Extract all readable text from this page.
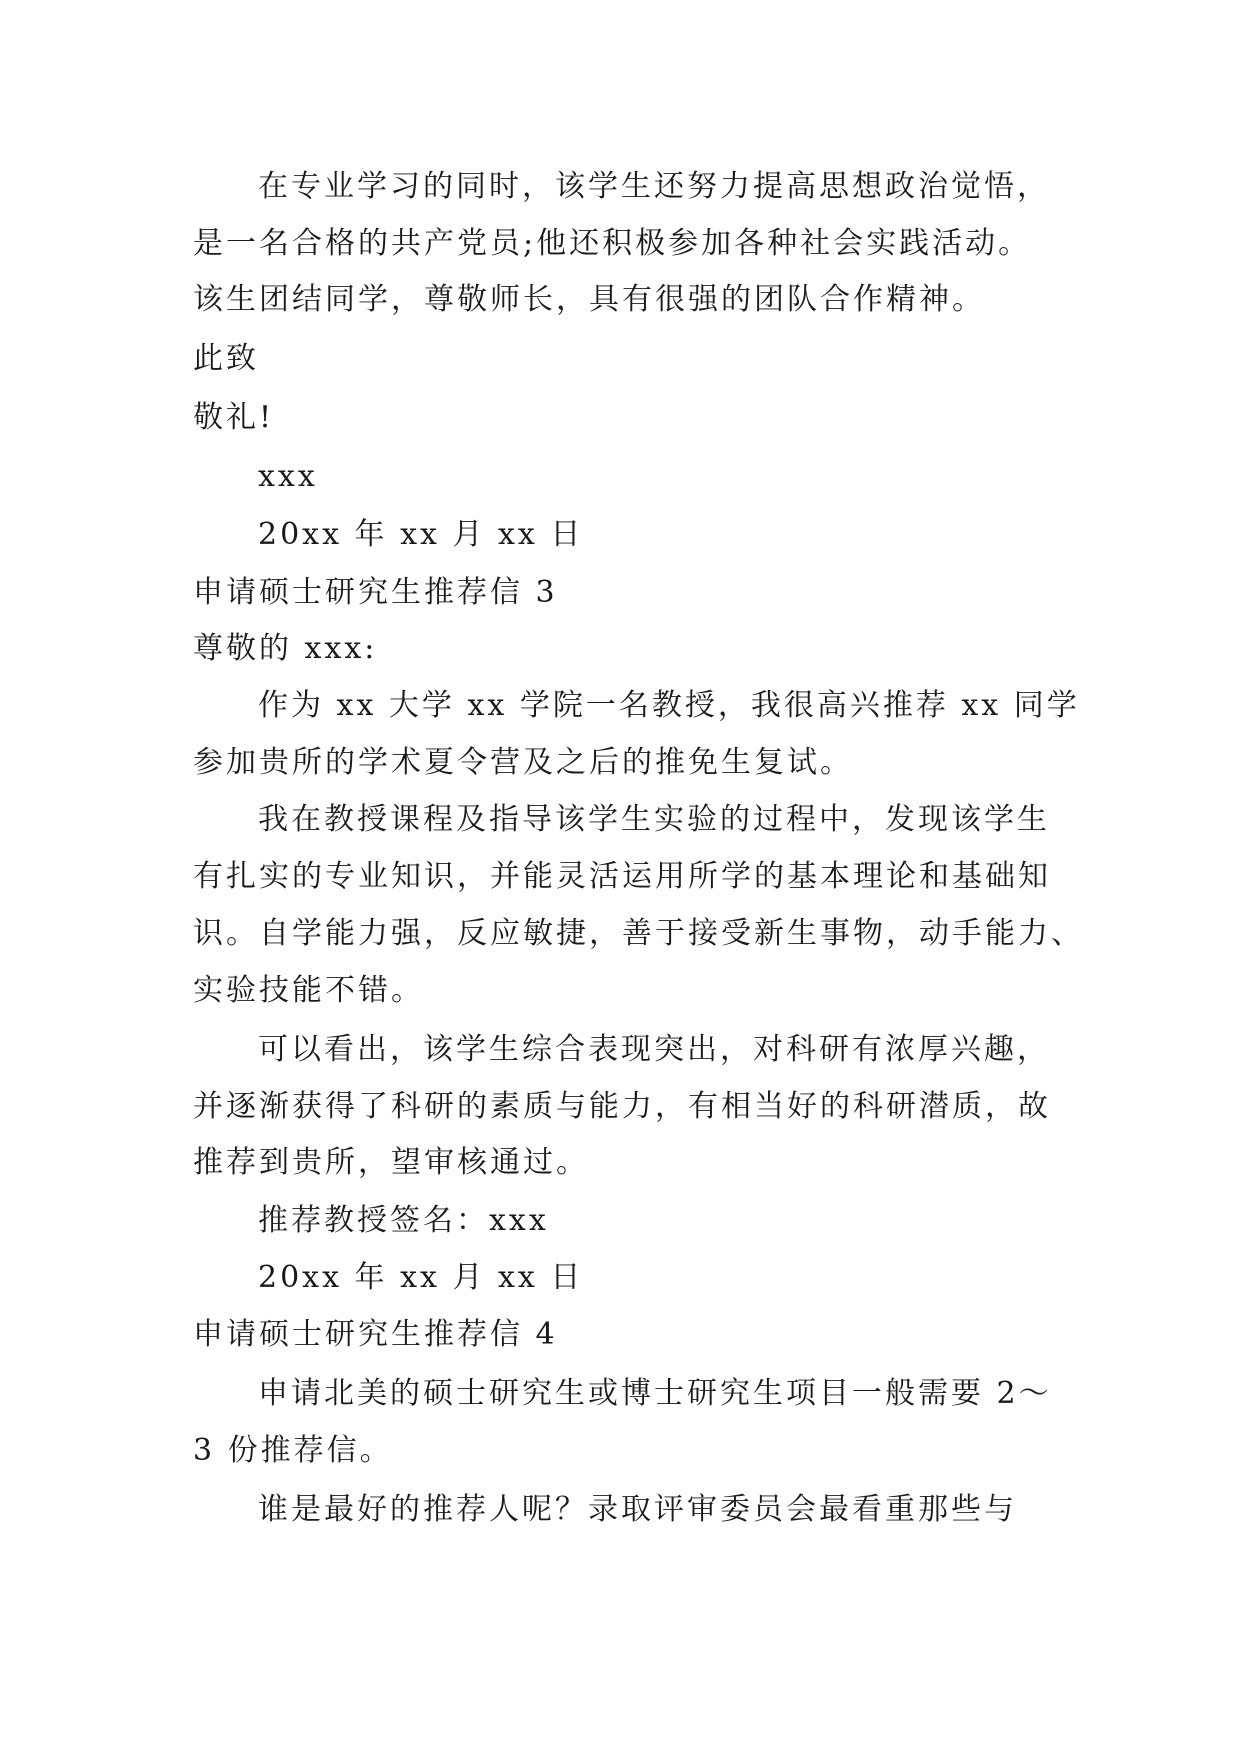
在专业学习的同时，该学生还努力提高思想政治觉悟，
是一名合格的共产党员;他还积极参加各种社会实践活动。
该生团结同学，尊敬师长，具有很强的团队合作精神。
此致
敬礼!
xxx
20xx 年 xx 月 xx 日
申请硕士研究生推荐信 3
尊敬的 xxx:
作为 xx 大学 xx 学院一名教授，我很高兴推荐 xx 同学
参加贵所的学术夏令营及之后的推免生复试。
我在教授课程及指导该学生实验的过程中，发现该学生
有扎实的专业知识，并能灵活运用所学的基本理论和基础知
识。自学能力强，反应敏捷，善于接受新生事物，动手能力、
实验技能不错。
可以看出，该学生综合表现突出，对科研有浓厚兴趣，
并逐渐获得了科研的素质与能力，有相当好的科研潜质，故
推荐到贵所，望审核通过。
推荐教授签名：xxx
20xx 年 xx 月 xx 日
申请硕士研究生推荐信 4
申请北美的硕士研究生或博士研究生项目一般需要 2～
3 份推荐信。
谁是最好的推荐人呢？录取评审委员会最看重那些与
